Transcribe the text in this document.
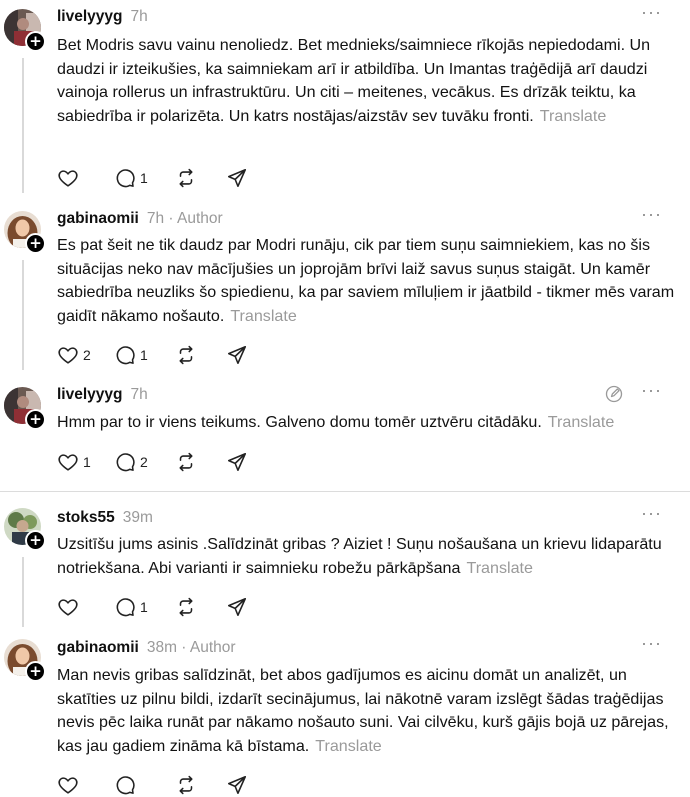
+
livelyyyg 7h	···
Bet Modris savu vainu nenoliedz. Bet mednieks/saimniece rīkojās nepiedodami. Un daudzi ir izteikušies, ka saimniekam arī ir atbildība. Un Imantas traģēdijā arī daudzi vainoja rollerus un infrastruktūru. Un citi – meitenes, vecākus. Es drīzāk teiktu, ka sabiedrība ir polarizēta. Un katrs nostājas/aizstāv sev tuvāku fronti. Translate
1
+
gabinaomii 7h · Author	···
Es pat šeit ne tik daudz par Modri runāju, cik par tiem suņu saimniekiem, kas no šis situācijas neko nav mācījušies un joprojām brīvi laiž savus suņus staigāt. Un kamēr sabiedrība neuzliks šo spiedienu, ka par saviem mīluļiem ir jāatbild - tikmer mēs varam gaidīt nākamo nošauto. Translate
2	1
+
livelyyyg 7h	···
Hmm par to ir viens teikums. Galveno domu tomēr uztvēru citādāku. Translate
1	2
+
stoks55 39m	···
Uzsitīšu jums asinis .Salīdzināt gribas ? Aiziet ! Suņu nošaušana un krievu lidaparātu notriekšana. Abi varianti ir saimnieku robežu pārkāpšana Translate
1
+
gabinaomii 38m · Author	···
Man nevis gribas salīdzināt, bet abos gadījumos es aicinu domāt un analizēt, un skatīties uz pilnu bildi, izdarīt secinājumus, lai nākotnē varam izslēgt šādas traģēdijas nevis pēc laika runāt par nākamo nošauto suni. Vai cilvēku, kurš gājis bojā uz pārejas, kas jau gadiem zināma kā bīstama. Translate
